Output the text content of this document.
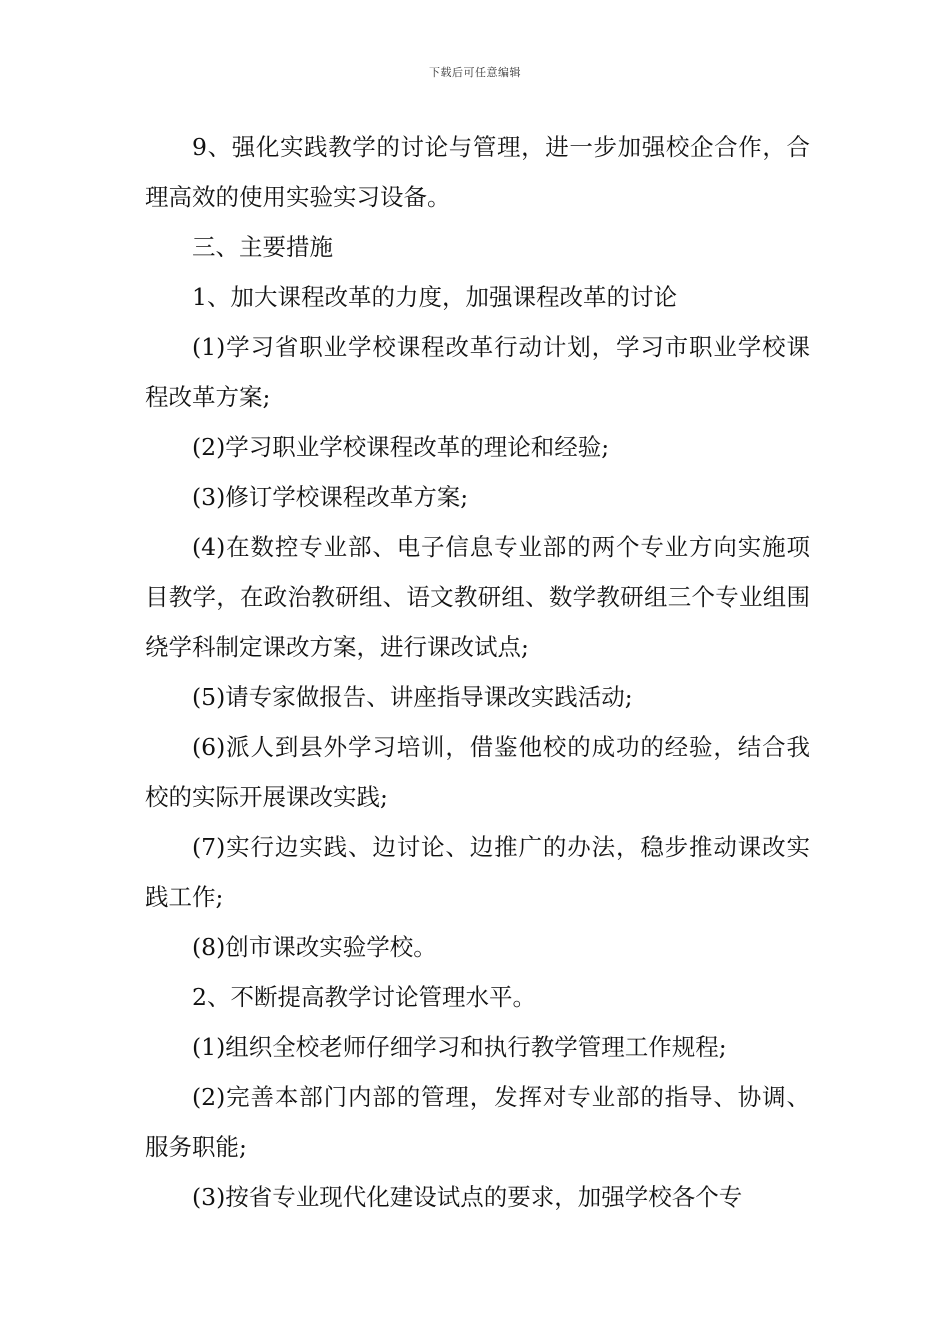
下载后可任意编辑

9、强化实践教学的讨论与管理，进一步加强校企合作，合理高效的使用实验实习设备。

三、主要措施

1、加大课程改革的力度，加强课程改革的讨论

(1)学习省职业学校课程改革行动计划，学习市职业学校课程改革方案;

(2)学习职业学校课程改革的理论和经验;

(3)修订学校课程改革方案;

(4)在数控专业部、电子信息专业部的两个专业方向实施项目教学，在政治教研组、语文教研组、数学教研组三个专业组围绕学科制定课改方案，进行课改试点;

(5)请专家做报告、讲座指导课改实践活动;

(6)派人到县外学习培训，借鉴他校的成功的经验，结合我校的实际开展课改实践;

(7)实行边实践、边讨论、边推广的办法，稳步推动课改实践工作;

(8)创市课改实验学校。

2、不断提高教学讨论管理水平。

(1)组织全校老师仔细学习和执行教学管理工作规程;

(2)完善本部门内部的管理，发挥对专业部的指导、协调、服务职能;

(3)按省专业现代化建设试点的要求，加强学校各个专
